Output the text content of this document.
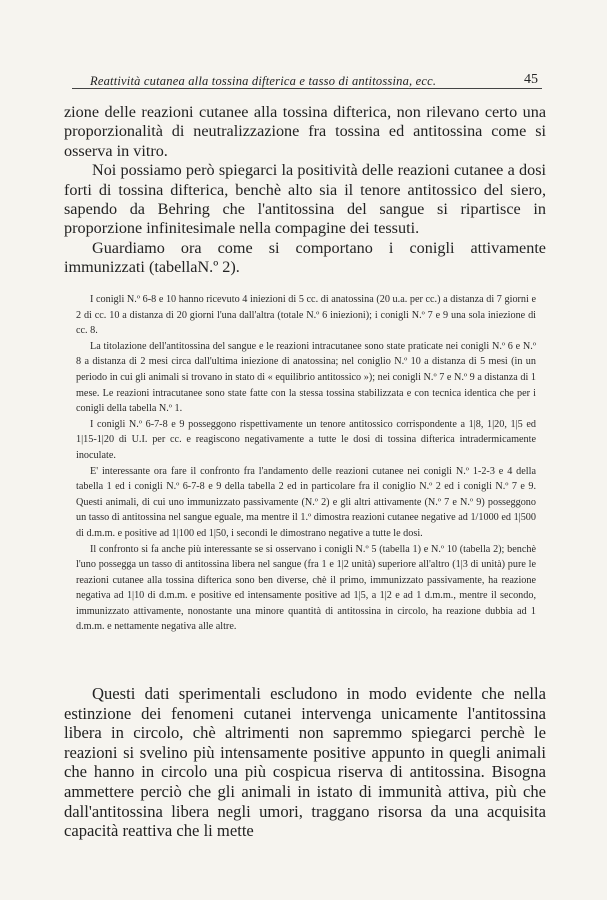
Reattività cutanea alla tossina difterica e tasso di antitossina, ecc.	45

zione delle reazioni cutanee alla tossina difterica, non rilevano certo una proporzionalità di neutralizzazione fra tossina ed antitossina come si osserva in vitro.

Noi possiamo però spiegarci la positività delle reazioni cutanee a dosi forti di tossina difterica, benchè alto sia il tenore antitossico del siero, sapendo da Behring che l'antitossina del sangue si ripartisce in proporzione infinitesimale nella compagine dei tessuti.

Guardiamo ora come si comportano i conigli attivamente immunizzati (tabellaN.º 2).

I conigli N.º 6-8 e 10 hanno ricevuto 4 iniezioni di 5 cc. di anatossina (20 u.a. per cc.) a distanza di 7 giorni e 2 di cc. 10 a distanza di 20 giorni l'una dall'altra (totale N.º 6 iniezioni); i conigli N.º 7 e 9 una sola iniezione di cc. 8.

La titolazione dell'antitossina del sangue e le reazioni intracutanee sono state praticate nei conigli N.º 6 e N.º 8 a distanza di 2 mesi circa dall'ultima iniezione di anatossina; nel coniglio N.º 10 a distanza di 5 mesi (in un periodo in cui gli animali si trovano in stato di « equilibrio antitossico »); nei conigli N.º 7 e N.º 9 a distanza di 1 mese. Le reazioni intracutanee sono state fatte con la stessa tossina stabilizzata e con tecnica identica che per i conigli della tabella N.º 1.

I conigli N.º 6-7-8 e 9 posseggono rispettivamente un tenore antitossico corrispondente a 1|8, 1|20, 1|5 ed 1|15-1|20 di U.I. per cc. e reagiscono negativamente a tutte le dosi di tossina difterica intradermicamente inoculate.

E' interessante ora fare il confronto fra l'andamento delle reazioni cutanee nei conigli N.º 1-2-3 e 4 della tabella 1 ed i conigli N.º 6-7-8 e 9 della tabella 2 ed in particolare fra il coniglio N.º 2 ed i conigli N.º 7 e 9. Questi animali, di cui uno immunizzato passivamente (N.º 2) e gli altri attivamente (N.º 7 e N.º 9) posseggono un tasso di antitossina nel sangue eguale, ma mentre il 1.º dimostra reazioni cutanee negative ad 1/1000 ed 1|500 di d.m.m. e positive ad 1|100 ed 1|50, i secondi le dimostrano negative a tutte le dosi.

Il confronto si fa anche più interessante se si osservano i conigli N.º 5 (tabella 1) e N.º 10 (tabella 2); benchè l'uno possegga un tasso di antitossina libera nel sangue (fra 1 e 1|2 unità) superiore all'altro (1|3 di unità) pure le reazioni cutanee alla tossina difterica sono ben diverse, chè il primo, immunizzato passivamente, ha reazione negativa ad 1|10 di d.m.m. e positive ed intensamente positive ad 1|5, a 1|2 e ad 1 d.m.m., mentre il secondo, immunizzato attivamente, nonostante una minore quantità di antitossina in circolo, ha reazione dubbia ad 1 d.m.m. e nettamente negativa alle altre.

Questi dati sperimentali escludono in modo evidente che nella estinzione dei fenomeni cutanei intervenga unicamente l'antitossina libera in circolo, chè altrimenti non sapremmo spiegarci perchè le reazioni si svelino più intensamente positive appunto in quegli animali che hanno in circolo una più cospicua riserva di antitossina. Bisogna ammettere perciò che gli animali in istato di immunità attiva, più che dall'antitossina libera negli umori, traggano risorsa da una acquisita capacità reattiva che li mette
